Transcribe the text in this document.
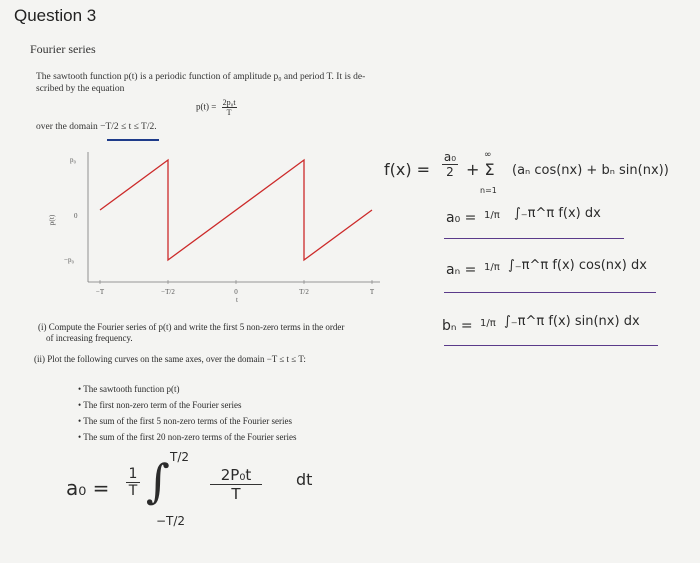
Question 3
Fourier series
The sawtooth function p(t) is a periodic function of amplitude p₀ and period T. It is de-
scribed by the equation
$p(t) = \frac{\text{2p₀t}}{T}$
over the domain −T/2 ≤ t ≤ T/2.
p(t)
p₀
0
−p₀
−T	−T/2	0	T/2	T
t
$f(x) = \frac{\text{a₀}}{2} + \Sigma$
∞
n=1
(aₙ cos(nx) + bₙ sin(nx))
a₀ = 1/π ∫₋π^π f(x) dx
aₙ = 1/π ∫₋π^π f(x) cos(nx) dx
bₙ = 1/π ∫₋π^π f(x) sin(nx) dx
(i) Compute the Fourier series of p(t) and write the first 5 non-zero terms in the order
of increasing frequency.
(ii) Plot the following curves on the same axes, over the domain −T ≤ t ≤ T:
• The sawtooth function p(t)
• The first non-zero term of the Fourier series
• The sum of the first 5 non-zero terms of the Fourier series
• The sum of the first 20 non-zero terms of the Fourier series
$a_0 = \frac{1}{T}$ ∫ T/2
−T/2
$\frac{\text{2P₀t}}{T}$ dt
